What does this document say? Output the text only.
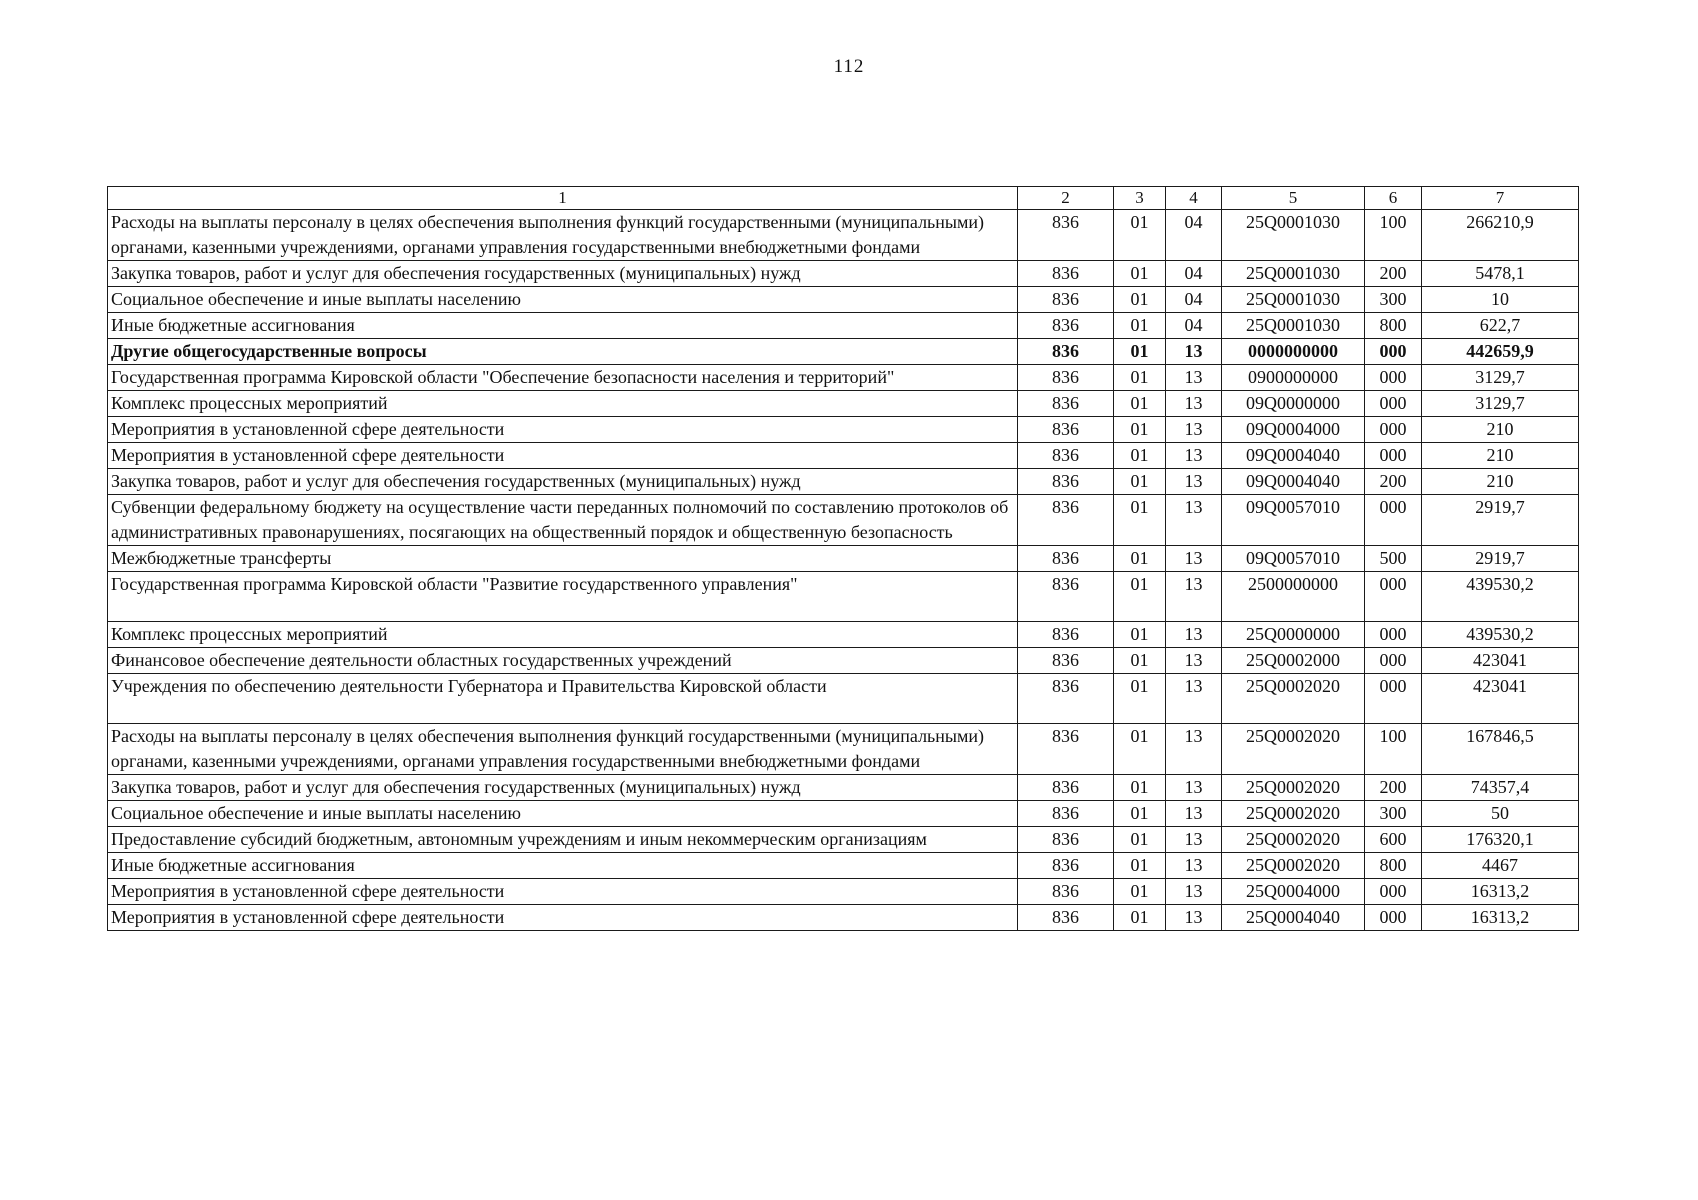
112
1	2	3	4	5	6	7
Расходы на выплаты персоналу в целях обеспечения выполнения функций государственными (муниципальными) органами, казенными учреждениями, органами управления государственными внебюджетными фондами	836	01	04	25Q0001030	100	266210,9
Закупка товаров, работ и услуг для обеспечения государственных (муниципальных) нужд	836	01	04	25Q0001030	200	5478,1
Социальное обеспечение и иные выплаты населению	836	01	04	25Q0001030	300	10
Иные бюджетные ассигнования	836	01	04	25Q0001030	800	622,7
Другие общегосударственные вопросы	836	01	13	0000000000	000	442659,9
Государственная программа Кировской области "Обеспечение безопасности населения и территорий"	836	01	13	0900000000	000	3129,7
Комплекс процессных мероприятий	836	01	13	09Q0000000	000	3129,7
Мероприятия в установленной сфере деятельности	836	01	13	09Q0004000	000	210
Мероприятия в установленной сфере деятельности	836	01	13	09Q0004040	000	210
Закупка товаров, работ и услуг для обеспечения государственных (муниципальных) нужд	836	01	13	09Q0004040	200	210
Субвенции федеральному бюджету на осуществление части переданных полномочий по составлению протоколов об административных правонарушениях, посягающих на общественный порядок и общественную безопасность	836	01	13	09Q0057010	000	2919,7
Межбюджетные трансферты	836	01	13	09Q0057010	500	2919,7
Государственная программа Кировской области "Развитие государственного управления"	836	01	13	2500000000	000	439530,2
Комплекс процессных мероприятий	836	01	13	25Q0000000	000	439530,2
Финансовое обеспечение деятельности областных государственных учреждений	836	01	13	25Q0002000	000	423041
Учреждения по обеспечению деятельности Губернатора и Правительства Кировской области	836	01	13	25Q0002020	000	423041
Расходы на выплаты персоналу в целях обеспечения выполнения функций государственными (муниципальными) органами, казенными учреждениями, органами управления государственными внебюджетными фондами	836	01	13	25Q0002020	100	167846,5
Закупка товаров, работ и услуг для обеспечения государственных (муниципальных) нужд	836	01	13	25Q0002020	200	74357,4
Социальное обеспечение и иные выплаты населению	836	01	13	25Q0002020	300	50
Предоставление субсидий бюджетным, автономным учреждениям и иным некоммерческим организациям	836	01	13	25Q0002020	600	176320,1
Иные бюджетные ассигнования	836	01	13	25Q0002020	800	4467
Мероприятия в установленной сфере деятельности	836	01	13	25Q0004000	000	16313,2
Мероприятия в установленной сфере деятельности	836	01	13	25Q0004040	000	16313,2
